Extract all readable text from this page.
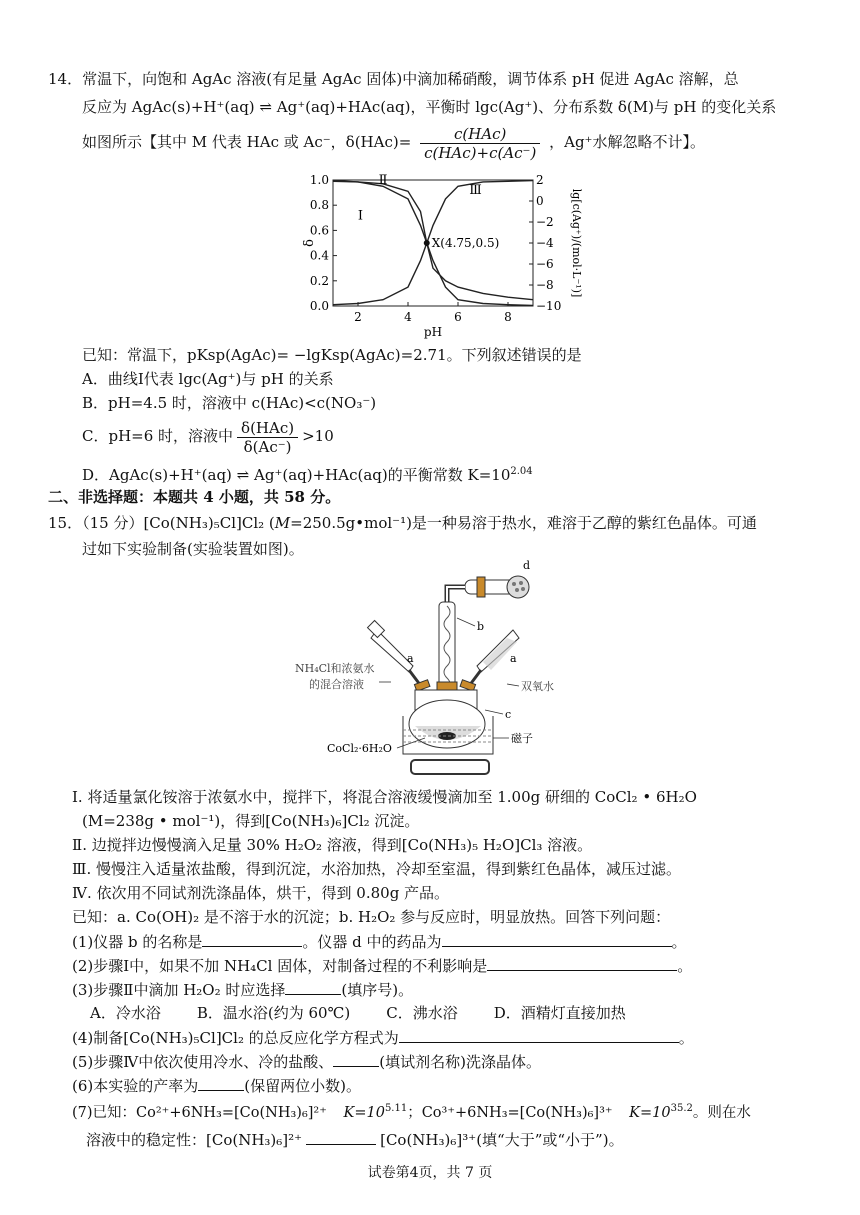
14．常温下，向饱和 AgAc 溶液(有足量 AgAc 固体)中滴加稀硝酸，调节体系 pH 促进 AgAc 溶解，总
反应为 AgAc(s)+H⁺(aq) ⇌ Ag⁺(aq)+HAc(aq)，平衡时 lgc(Ag⁺)、分布系数 δ(M)与 pH 的变化关系
如图所示【其中 M 代表 HAc 或 Ac⁻，$\delta(HAc)= \frac{\text{c(HAc)}}{\text{c(HAc)+c(Ac⁻)}}$ ，Ag⁺水解忽略不计】。
0.0
0.2
0.4
0.6
0.8
1.0	2
0
−2
−4
−6
−8
−10
2	4	6	8
pH
δ	lg[c(Ag⁺)/(mol·L⁻¹)]
Ⅰ
Ⅱ
Ⅲ
X(4.75,0.5)
已知：常温下，pKsp(AgAc)= −lgKsp(AgAc)=2.71。下列叙述错误的是
A．曲线Ⅰ代表 lgc(Ag⁺)与 pH 的关系
B．pH=4.5 时，溶液中 c(HAc)<c(NO₃⁻)
C．pH=6 时，溶液中 $\frac{\text{δ(HAc)}}{\delta(Ac^-)} >10$
D．AgAc(s)+H⁺(aq) ⇌ Ag⁺(aq)+HAc(aq)的平衡常数 $K=10^{2.04}$
二、非选择题：本题共 4 小题，共 58 分。
15．（15 分）[Co(NH₃)₅Cl]Cl₂ (M=250.5g•mol⁻¹)是一种易溶于热水，难溶于乙醇的紫红色晶体。可通
过如下实验制备(实验装置如图)。
d
b
a	a
c
磁子
NH₄Cl和浓氨水
的混合溶液	双氧水
CoCl₂·6H₂O
Ⅰ. 将适量氯化铵溶于浓氨水中，搅拌下，将混合溶液缓慢滴加至 1.00g 研细的 CoCl₂ • 6H₂O
(M=238g • mol⁻¹)，得到[Co(NH₃)₆]Cl₂ 沉淀。
Ⅱ. 边搅拌边慢慢滴入足量 30% H₂O₂ 溶液，得到[Co(NH₃)₅ H₂O]Cl₃ 溶液。
Ⅲ. 慢慢注入适量浓盐酸，得到沉淀，水浴加热，冷却至室温，得到紫红色晶体，减压过滤。
Ⅳ. 依次用不同试剂洗涤晶体，烘干，得到 0.80g 产品。
已知：a. Co(OH)₂ 是不溶于水的沉淀；b. H₂O₂ 参与反应时，明显放热。回答下列问题：
(1)仪器 b 的名称是	。仪器 d 中的药品为	。
(2)步骤Ⅰ中，如果不加 NH₄Cl 固体，对制备过程的不利影响是	。
(3)步骤Ⅱ中滴加 H₂O₂ 时应选择	(填序号)。
A．冷水浴 B．温水浴(约为 60℃) C．沸水浴 D．酒精灯直接加热
(4)制备[Co(NH₃)₅Cl]Cl₂ 的总反应化学方程式为	。
(5)步骤Ⅳ中依次使用冷水、冷的盐酸、	(填试剂名称)洗涤晶体。
(6)本实验的产率为	(保留两位小数)。
(7)已知：Co²⁺+6NH₃=[Co(NH₃)₆]²⁺ $K=10^{5.11}$；Co³⁺+6NH₃=[Co(NH₃)₆]³⁺ $K=10^{35.2}$。则在水
溶液中的稳定性：[Co(NH₃)₆]²⁺	[Co(NH₃)₆]³⁺(填“大于”或“小于”)。
试卷第4页，共 7 页
